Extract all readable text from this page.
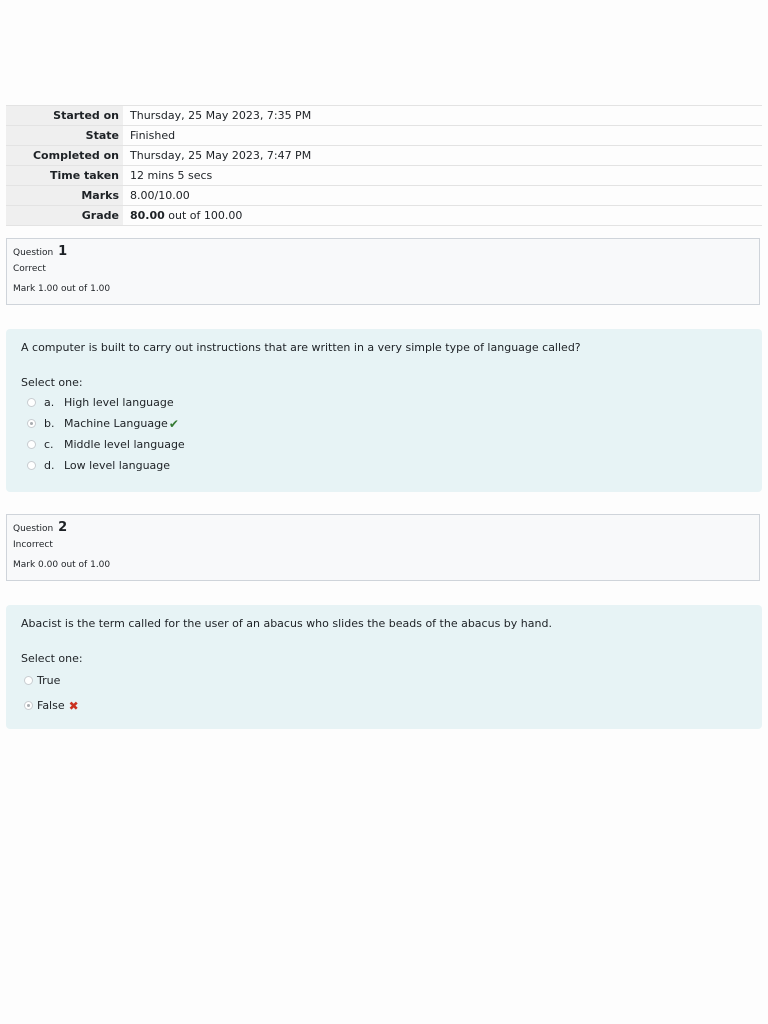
Started on	Thursday, 25 May 2023, 7:35 PM
State	Finished
Completed on	Thursday, 25 May 2023, 7:47 PM
Time taken	12 mins 5 secs
Marks	8.00/10.00
Grade	80.00 out of 100.00
Question 1
Correct
Mark 1.00 out of 1.00
A computer is built to carry out instructions that are written in a very simple type of language called?
Select one:
a. High level language
b. Machine Language ✔
c. Middle level language
d. Low level language
Question 2
Incorrect
Mark 0.00 out of 1.00
Abacist is the term called for the user of an abacus who slides the beads of the abacus by hand.
Select one:
True
False ✖
